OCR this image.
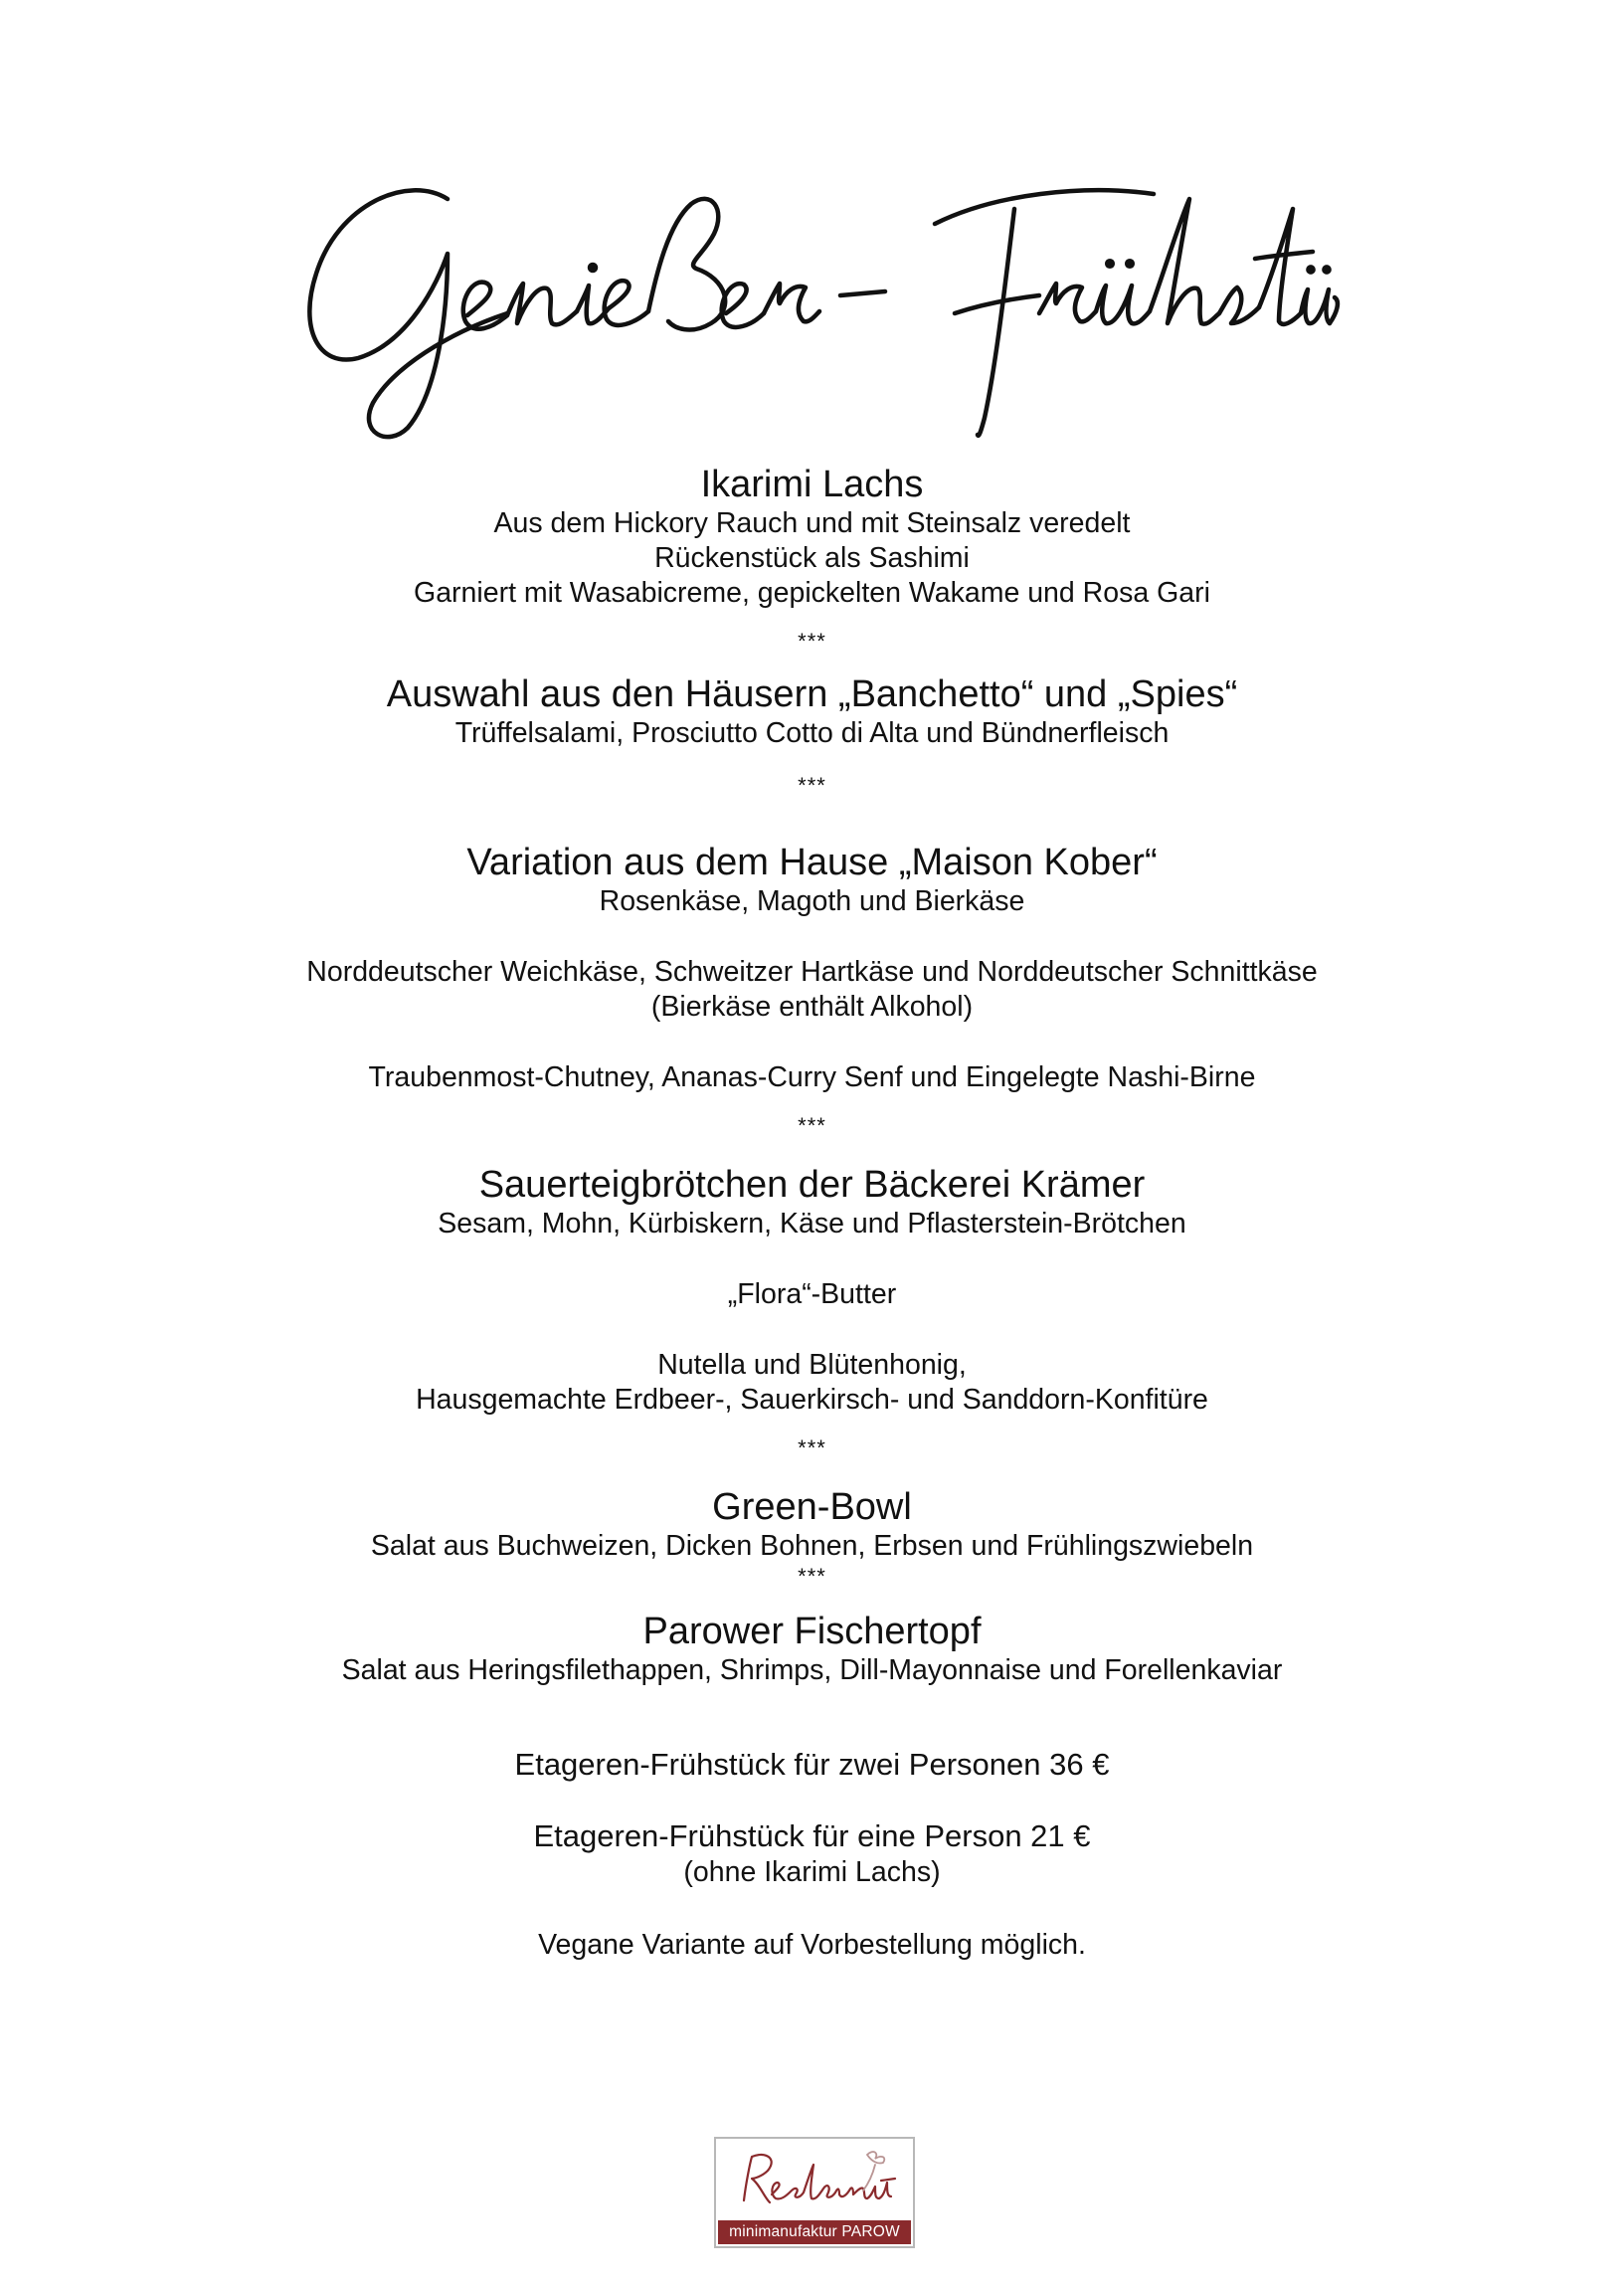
Ikarimi Lachs

Aus dem Hickory Rauch und mit Steinsalz veredelt

Rückenstück als Sashimi

Garniert mit Wasabicreme, gepickelten Wakame und Rosa Gari

***

Auswahl aus den Häusern „Banchetto“ und „Spies“

Trüffelsalami, Prosciutto Cotto di Alta und Bündnerfleisch

***

Variation aus dem Hause „Maison Kober“

Rosenkäse, Magoth und Bierkäse

Norddeutscher Weichkäse, Schweitzer Hartkäse und Norddeutscher Schnittkäse

(Bierkäse enthält Alkohol)

Traubenmost-Chutney, Ananas-Curry Senf und Eingelegte Nashi-Birne

***

Sauerteigbrötchen der Bäckerei Krämer

Sesam, Mohn, Kürbiskern, Käse und Pflasterstein-Brötchen

„Flora“-Butter

Nutella und Blütenhonig,

Hausgemachte Erdbeer-, Sauerkirsch- und Sanddorn-Konfitüre

***

Green-Bowl

Salat aus Buchweizen, Dicken Bohnen, Erbsen und Frühlingszwiebeln

***

Parower Fischertopf

Salat aus Heringsfilethappen, Shrimps, Dill-Mayonnaise und Forellenkaviar

Etageren-Frühstück für zwei Personen 36 €

Etageren-Frühstück für eine Person 21 €

(ohne Ikarimi Lachs)

Vegane Variante auf Vorbestellung möglich.

minimanufaktur PAROW
